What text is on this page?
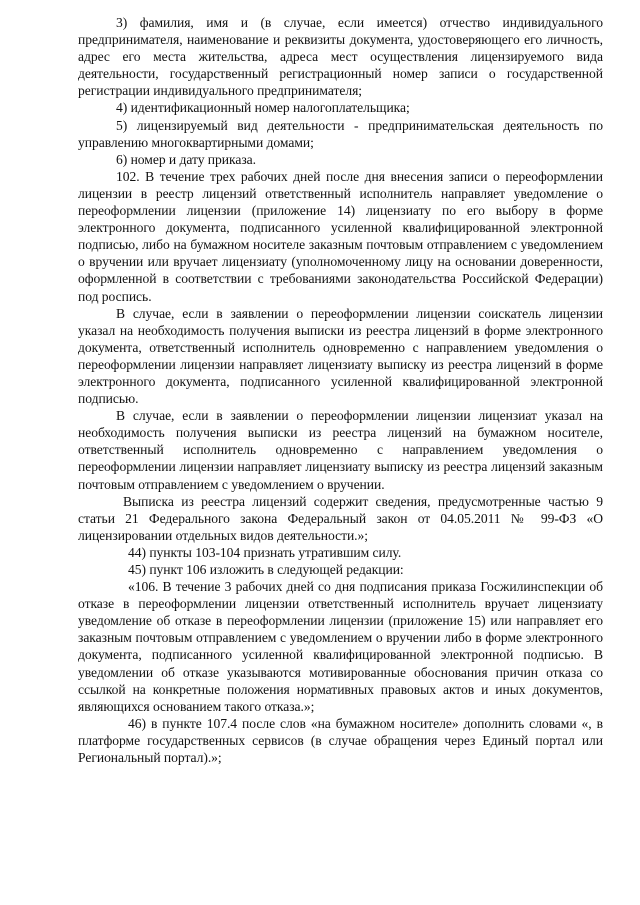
3) фамилия, имя и (в случае, если имеется) отчество индивидуального предпринимателя, наименование и реквизиты документа, удостоверяющего его личность, адрес его места жительства, адреса мест осуществления лицензируемого вида деятельности, государственный регистрационный номер записи о государственной регистрации индивидуального предпринимателя;

4) идентификационный номер налогоплательщика;

5) лицензируемый вид деятельности - предпринимательская деятельность по управлению многоквартирными домами;

6) номер и дату приказа.

102. В течение трех рабочих дней после дня внесения записи о переоформлении лицензии в реестр лицензий ответственный исполнитель направляет уведомление о переоформлении лицензии (приложение 14) лицензиату по его выбору в форме электронного документа, подписанного усиленной квалифицированной электронной подписью, либо на бумажном носителе заказным почтовым отправлением с уведомлением о вручении или вручает лицензиату (уполномоченному лицу на основании доверенности, оформленной в соответствии с требованиями законодательства Российской Федерации) под роспись.

В случае, если в заявлении о переоформлении лицензии соискатель лицензии указал на необходимость получения выписки из реестра лицензий в форме электронного документа, ответственный исполнитель одновременно с направлением уведомления о переоформлении лицензии направляет лицензиату выписку из реестра лицензий в форме электронного документа, подписанного усиленной квалифицированной электронной подписью.

В случае, если в заявлении о переоформлении лицензии лицензиат указал на необходимость получения выписки из реестра лицензий на бумажном носителе, ответственный исполнитель одновременно с направлением уведомления о переоформлении лицензии направляет лицензиату выписку из реестра лицензий заказным почтовым отправлением с уведомлением о вручении.

Выписка из реестра лицензий содержит сведения, предусмотренные частью 9 статьи 21 Федерального закона Федеральный закон от 04.05.2011 № 99-ФЗ «О лицензировании отдельных видов деятельности.»;

44) пункты 103-104 признать утратившим силу.

45) пункт 106 изложить в следующей редакции:

«106. В течение 3 рабочих дней со дня подписания приказа Госжилинспекции об отказе в переоформлении лицензии ответственный исполнитель вручает лицензиату уведомление об отказе в переоформлении лицензии (приложение 15) или направляет его заказным почтовым отправлением с уведомлением о вручении либо в форме электронного документа, подписанного усиленной квалифицированной электронной подписью. В уведомлении об отказе указываются мотивированные обоснования причин отказа со ссылкой на конкретные положения нормативных правовых актов и иных документов, являющихся основанием такого отказа.»;

46) в пункте 107.4 после слов «на бумажном носителе» дополнить словами «, в платформе государственных сервисов (в случае обращения через Единый портал или Региональный портал).»;
